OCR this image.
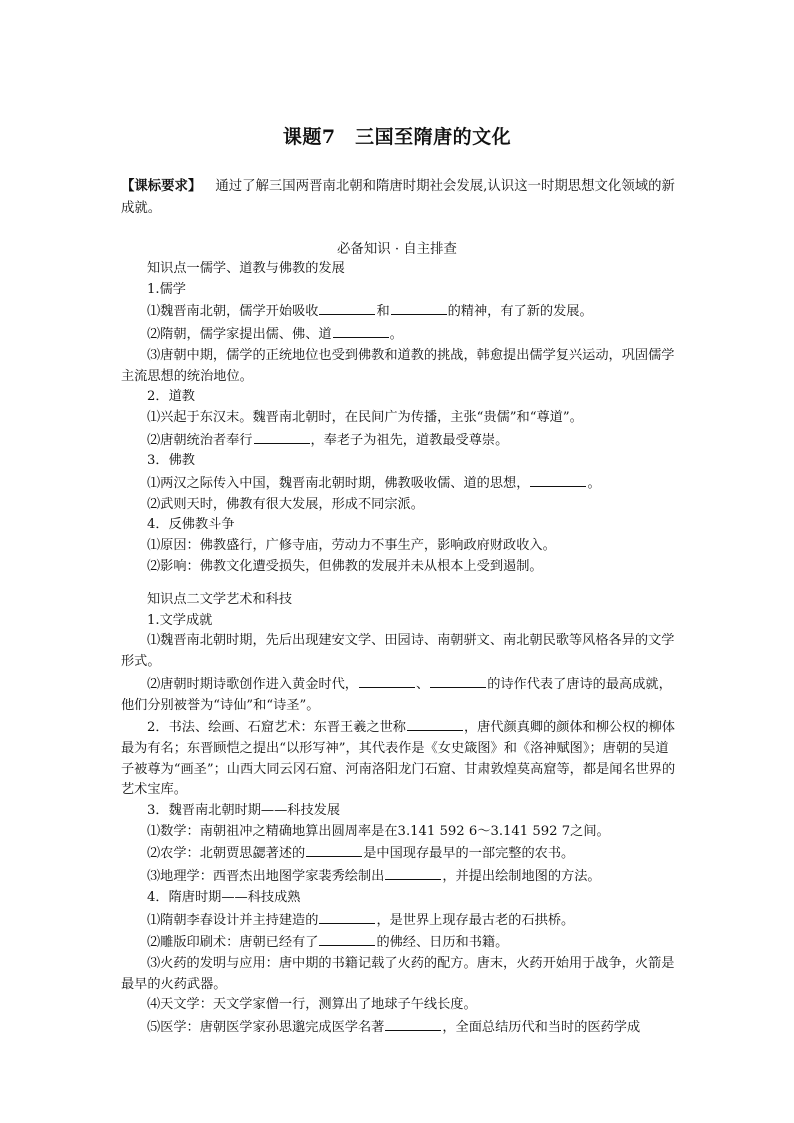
课题7　三国至隋唐的文化
【课标要求】 通过了解三国两晋南北朝和隋唐时期社会发展,认识这一时期思想文化领域的新成就。
必备知识 · 自主排查

知识点一儒学、道教与佛教的发展

1.儒学

⑴魏晋南北朝，儒学开始吸收	和	的精神，有了新的发展。

⑵隋朝，儒学家提出儒、佛、道	。

⑶唐朝中期，儒学的正统地位也受到佛教和道教的挑战，韩愈提出儒学复兴运动，巩固儒学主流思想的统治地位。

2．道教

⑴兴起于东汉末。魏晋南北朝时，在民间广为传播，主张“贵儒”和“尊道”。

⑵唐朝统治者奉行	，奉老子为祖先，道教最受尊崇。

3．佛教

⑴两汉之际传入中国，魏晋南北朝时期，佛教吸收儒、道的思想，	。

⑵武则天时，佛教有很大发展，形成不同宗派。

4．反佛教斗争

⑴原因：佛教盛行，广修寺庙，劳动力不事生产，影响政府财政收入。

⑵影响：佛教文化遭受损失，但佛教的发展并未从根本上受到遏制。

知识点二文学艺术和科技

1.文学成就

⑴魏晋南北朝时期，先后出现建安文学、田园诗、南朝骈文、南北朝民歌等风格各异的文学形式。

⑵唐朝时期诗歌创作进入黄金时代，	、	的诗作代表了唐诗的最高成就，他们分别被誉为“诗仙”和“诗圣”。

2．书法、绘画、石窟艺术：东晋王羲之世称	，唐代颜真卿的颜体和柳公权的柳体最为有名；东晋顾恺之提出“以形写神”，其代表作是《女史箴图》和《洛神赋图》；唐朝的吴道子被尊为“画圣”；山西大同云冈石窟、河南洛阳龙门石窟、甘肃敦煌莫高窟等，都是闻名世界的艺术宝库。

3．魏晋南北朝时期——科技发展

⑴数学：南朝祖冲之精确地算出圆周率是在3.141 592 6～3.141 592 7之间。

⑵农学：北朝贾思勰著述的	是中国现存最早的一部完整的农书。

⑶地理学：西晋杰出地图学家裴秀绘制出	，并提出绘制地图的方法。

4．隋唐时期——科技成熟

⑴隋朝李春设计并主持建造的	，是世界上现存最古老的石拱桥。

⑵雕版印刷术：唐朝已经有了	的佛经、日历和书籍。

⑶火药的发明与应用：唐中期的书籍记载了火药的配方。唐末，火药开始用于战争，火箭是最早的火药武器。

⑷天文学：天文学家僧一行，测算出了地球子午线长度。

⑸医学：唐朝医学家孙思邈完成医学名著	，全面总结历代和当时的医药学成
